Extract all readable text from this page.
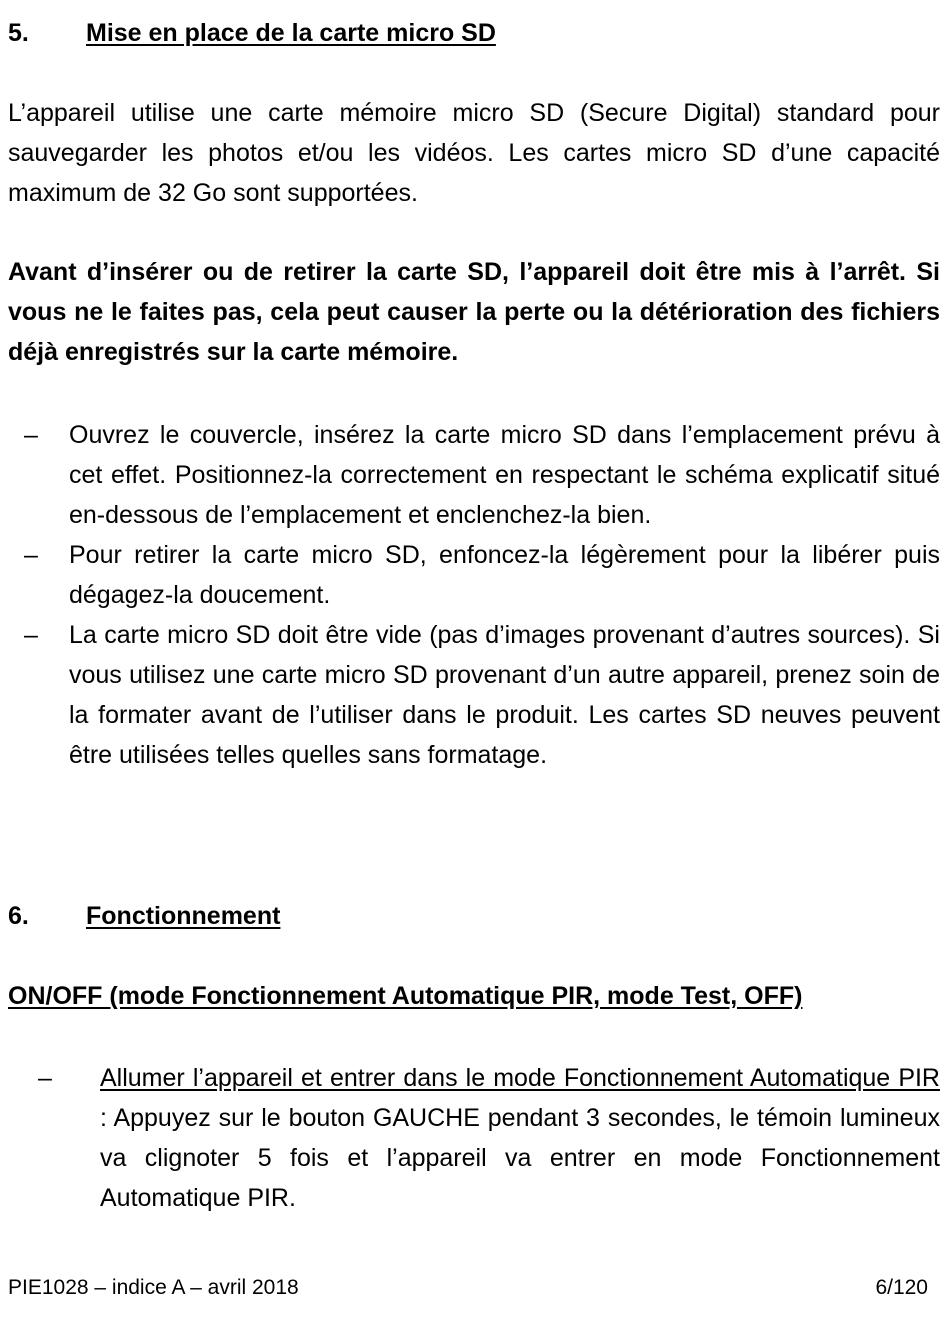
5. Mise en place de la carte micro SD

L’appareil utilise une carte mémoire micro SD (Secure Digital) standard pour sauvegarder les photos et/ou les vidéos. Les cartes micro SD d’une capacité maximum de 32 Go sont supportées.

Avant d’insérer ou de retirer la carte SD, l’appareil doit être mis à l’arrêt. Si vous ne le faites pas, cela peut causer la perte ou la détérioration des fichiers déjà enregistrés sur la carte mémoire.

– Ouvrez le couvercle, insérez la carte micro SD dans l’emplacement prévu à cet effet. Positionnez-la correctement en respectant le schéma explicatif situé en-dessous de l’emplacement et enclenchez-la bien.
– Pour retirer la carte micro SD, enfoncez-la légèrement pour la libérer puis dégagez-la doucement.
– La carte micro SD doit être vide (pas d’images provenant d’autres sources). Si vous utilisez une carte micro SD provenant d’un autre appareil, prenez soin de la formater avant de l’utiliser dans le produit. Les cartes SD neuves peuvent être utilisées telles quelles sans formatage.
6. Fonctionnement
ON/OFF (mode Fonctionnement Automatique PIR, mode Test, OFF)
– Allumer l’appareil et entrer dans le mode Fonctionnement Automatique PIR : Appuyez sur le bouton GAUCHE pendant 3 secondes, le témoin lumineux va clignoter 5 fois et l’appareil va entrer en mode Fonctionnement Automatique PIR.
PIE1028 – indice A – avril 2018	6/120
